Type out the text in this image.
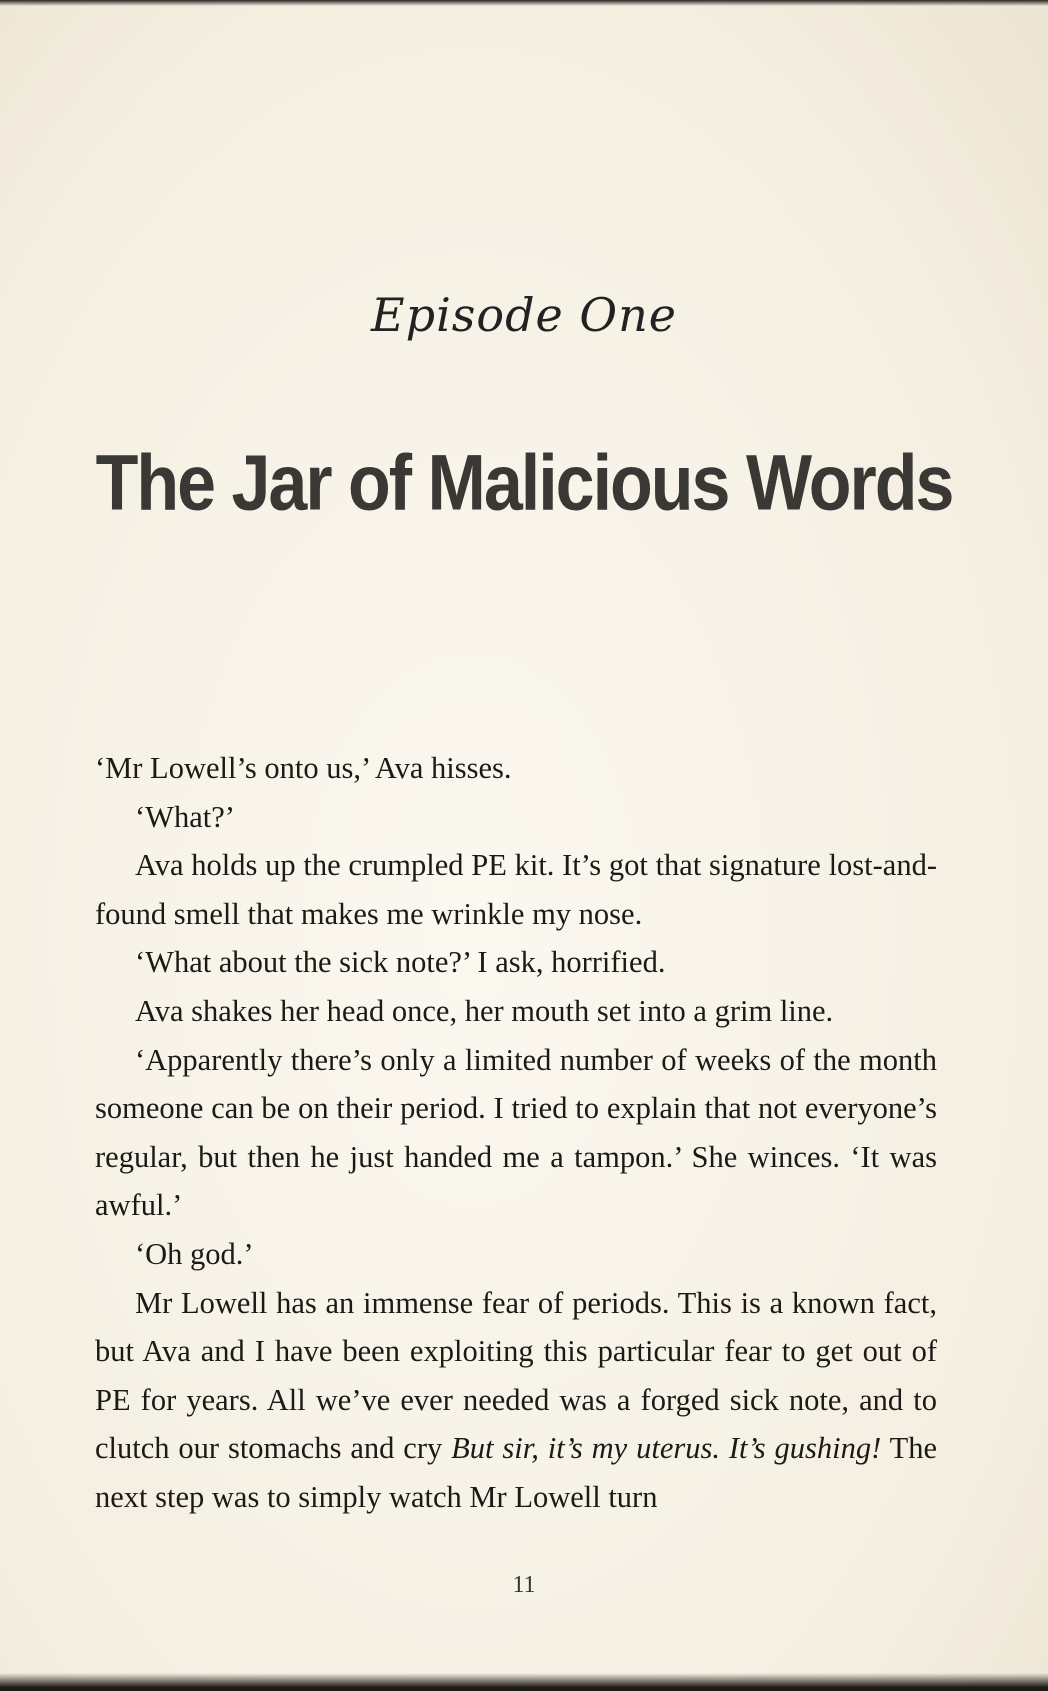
Episode One
The Jar of Malicious Words

‘Mr Lowell’s onto us,’ Ava hisses.

‘What?’

Ava holds up the crumpled PE kit. It’s got that signature lost-and-found smell that makes me wrinkle my nose.

‘What about the sick note?’ I ask, horrified.

Ava shakes her head once, her mouth set into a grim line.

‘Apparently there’s only a limited number of weeks of the month someone can be on their period. I tried to explain that not everyone’s regular, but then he just handed me a tampon.’ She winces. ‘It was awful.’

‘Oh god.’

Mr Lowell has an immense fear of periods. This is a known fact, but Ava and I have been exploiting this particular fear to get out of PE for years. All we’ve ever needed was a forged sick note, and to clutch our stomachs and cry But sir, it’s my uterus. It’s gushing! The next step was to simply watch Mr Lowell turn

11
